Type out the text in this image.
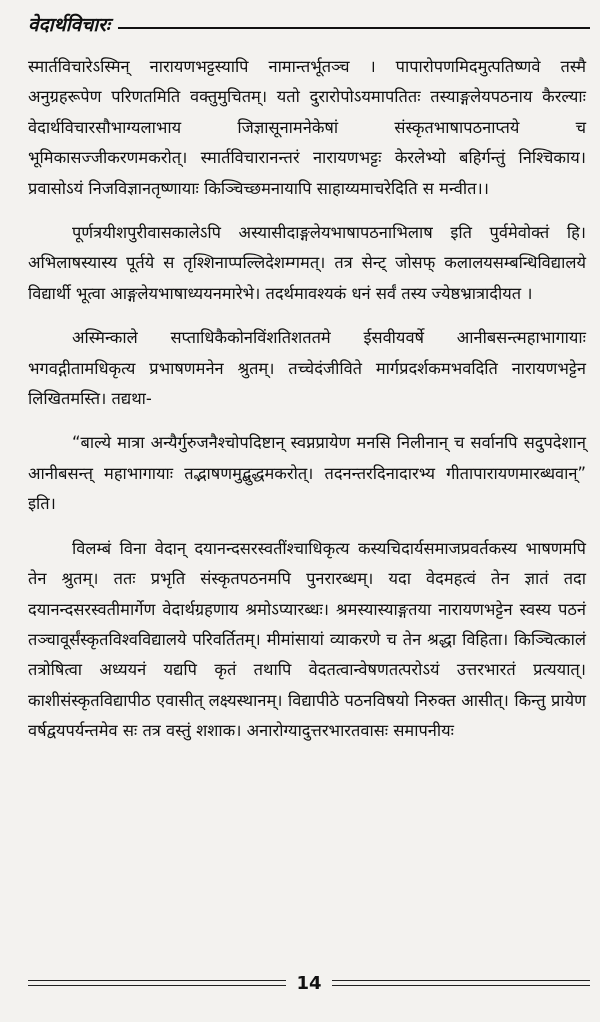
वेदार्थविचारः

स्मार्तविचारेऽस्मिन् नारायणभट्टस्यापि नामान्तर्भूतञ्च । पापारोपणमिदमुत्पतिष्णवे तस्मै अनुग्रहरूपेण परिणतमिति वक्तुमुचितम्। यतो दुरारोपोऽयमापतितः तस्याङ्गलेयपठनाय कैरल्याः वेदार्थविचारसौभाग्यलाभाय जिज्ञासूनामनेकेषां संस्कृतभाषापठनाप्तये च भूमिकासज्जीकरणमकरोत्। स्मार्तविचारानन्तरं नारायणभट्टः केरलेभ्यो बहिर्गन्तुं निश्चिकाय। प्रवासोऽयं निजविज्ञानतृष्णायाः किञ्चिच्छमनायापि साहाय्यमाचरेदिति स मन्वीत।।

पूर्णत्रयीशपुरीवासकालेऽपि अस्यासीदाङ्गलेयभाषापठनाभिलाष इति पुर्वमेवोक्तं हि। अभिलाषस्यास्य पूर्तये स तृश्शिनाप्पल्लिदेशम्गमत्। तत्र सेन्ट् जोसफ् कलालयसम्बन्धिविद्यालये विद्यार्थी भूत्वा आङ्गलेयभाषाध्ययनमारेभे। तदर्थमावश्यकं धनं सर्वं तस्य ज्येष्ठभ्रात्रादीयत ।

अस्मिन्काले सप्ताधिकैकोनविंशतिशततमे ईसवीयवर्षे आनीबसन्त्महाभागायाः भगवद्गीतामधिकृत्य प्रभाषणमनेन श्रुतम्। तच्चेदंजीविते मार्गप्रदर्शकमभवदिति नारायणभट्टेन लिखितमस्ति। तद्यथा-

“बाल्ये मात्रा अन्यैर्गुरुजनैश्चोपदिष्टान् स्वप्नप्रायेण मनसि निलीनान् च सर्वानपि सदुपदेशान् आनीबसन्त् महाभागायाः तद्भाषणमुद्बुद्धमकरोत्। तदनन्तरदिनादारभ्य गीतापारायणमारब्धवान्” इति।

विलम्बं विना वेदान् दयानन्दसरस्वतींश्चाधिकृत्य कस्यचिदार्यसमाजप्रवर्तकस्य भाषणमपि तेन श्रुतम्। ततः प्रभृति संस्कृतपठनमपि पुनरारब्धम्। यदा वेदमहत्वं तेन ज्ञातं तदा दयानन्दसरस्वतीमार्गेण वेदार्थग्रहणाय श्रमोऽप्यारब्धः। श्रमस्यास्याङ्गतया नारायणभट्टेन स्वस्य पठनं तञ्चावूर्संस्कृतविश्वविद्यालये परिवर्तितम्। मीमांसायां व्याकरणे च तेन श्रद्धा विहिता। किञ्चित्कालं तत्रोषित्वा अध्ययनं यद्यपि कृतं तथापि वेदतत्वान्वेषणतत्परोऽयं उत्तरभारतं प्रत्ययात्। काशीसंस्कृतविद्यापीठ एवासीत् लक्ष्यस्थानम्। विद्यापीठे पठनविषयो निरुक्त आसीत्। किन्तु प्रायेण वर्षद्वयपर्यन्तमेव सः तत्र वस्तुं शशाक। अनारोग्यादुत्तरभारतवासः समापनीयः

14
